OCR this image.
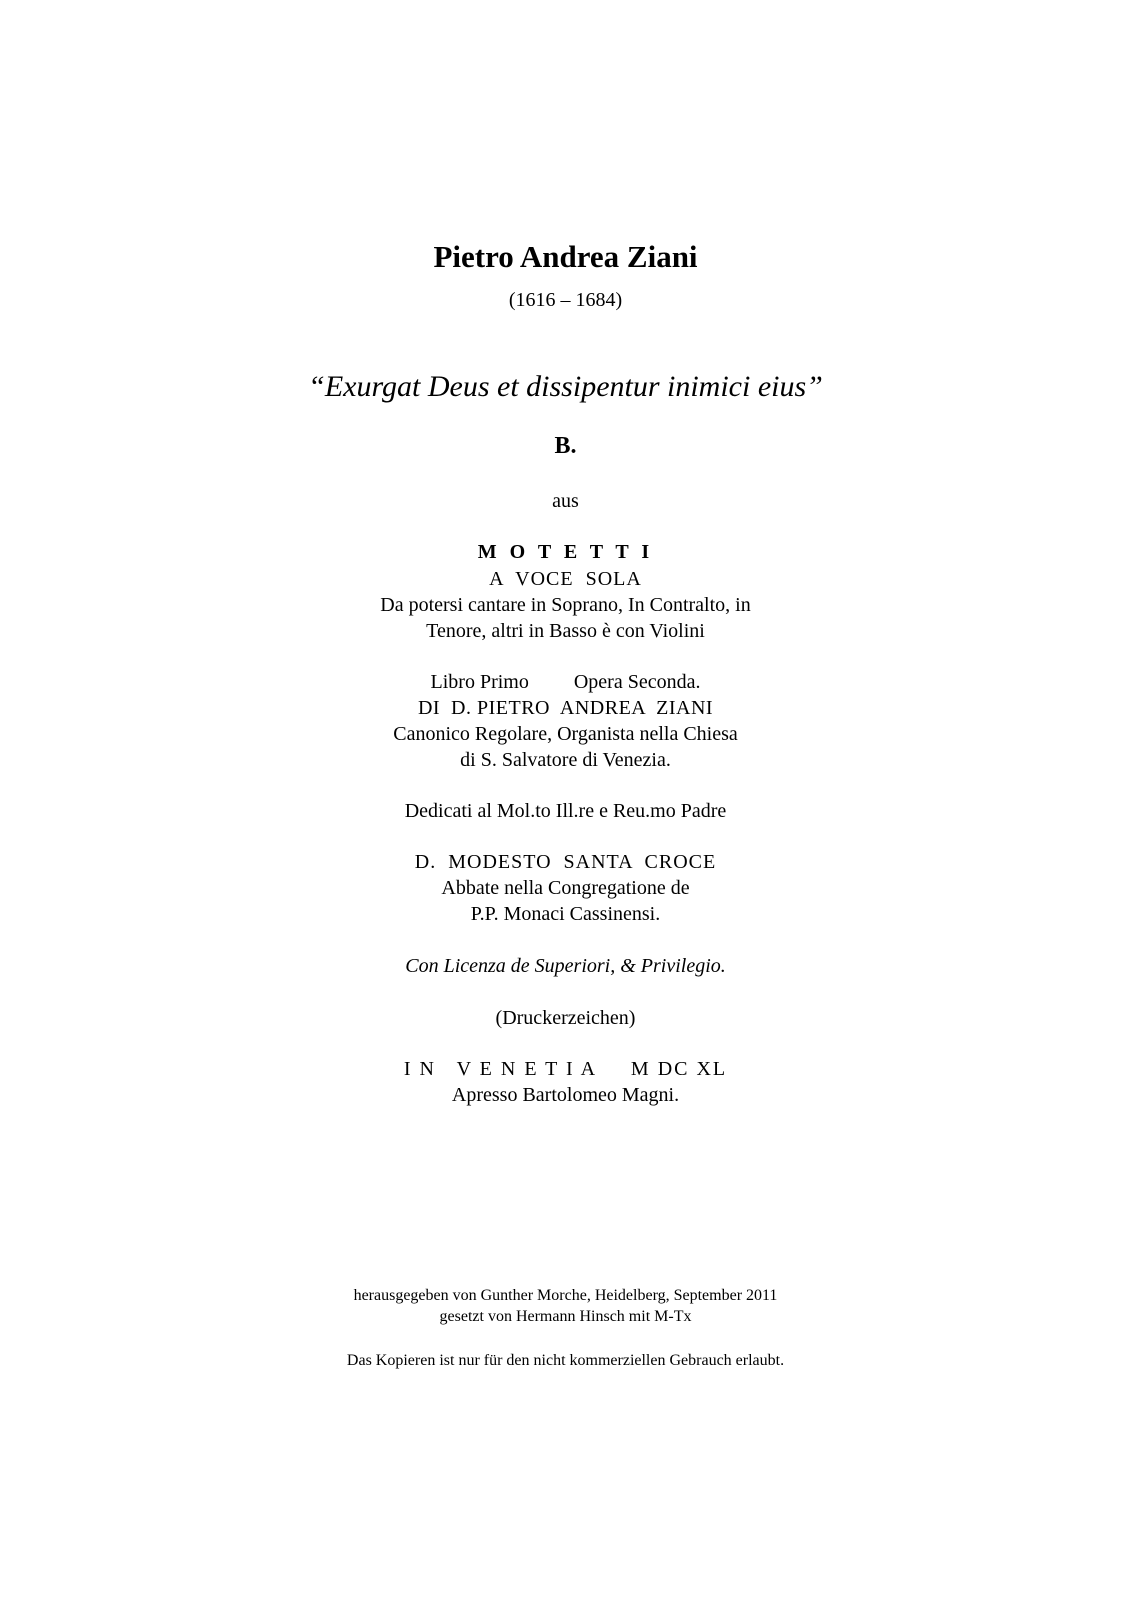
Pietro Andrea Ziani
(1616 – 1684)
“Exurgat Deus et dissipentur inimici eius”
B.
aus
M O T E T T I
A  VOCE  SOLA
Da potersi cantare in Soprano, In Contralto, in
Tenore, altri in Basso è con Violini
Libro Primo         Opera Seconda.
DI  D. PIETRO  ANDREA  ZIANI
Canonico Regolare, Organista nella Chiesa
di S. Salvatore di Venezia.
Dedicati al Mol.to Ill.re e Reu.mo Padre
D.  MODESTO  SANTA  CROCE
Abbate nella Congregatione de
P.P. Monaci Cassinensi.
Con Licenza de Superiori, & Privilegio.
(Druckerzeichen)
I N   V E N E T I A     M DC XL
Apresso Bartolomeo Magni.
herausgegeben von Gunther Morche, Heidelberg, September 2011
gesetzt von Hermann Hinsch mit M-Tx
Das Kopieren ist nur für den nicht kommerziellen Gebrauch erlaubt.
